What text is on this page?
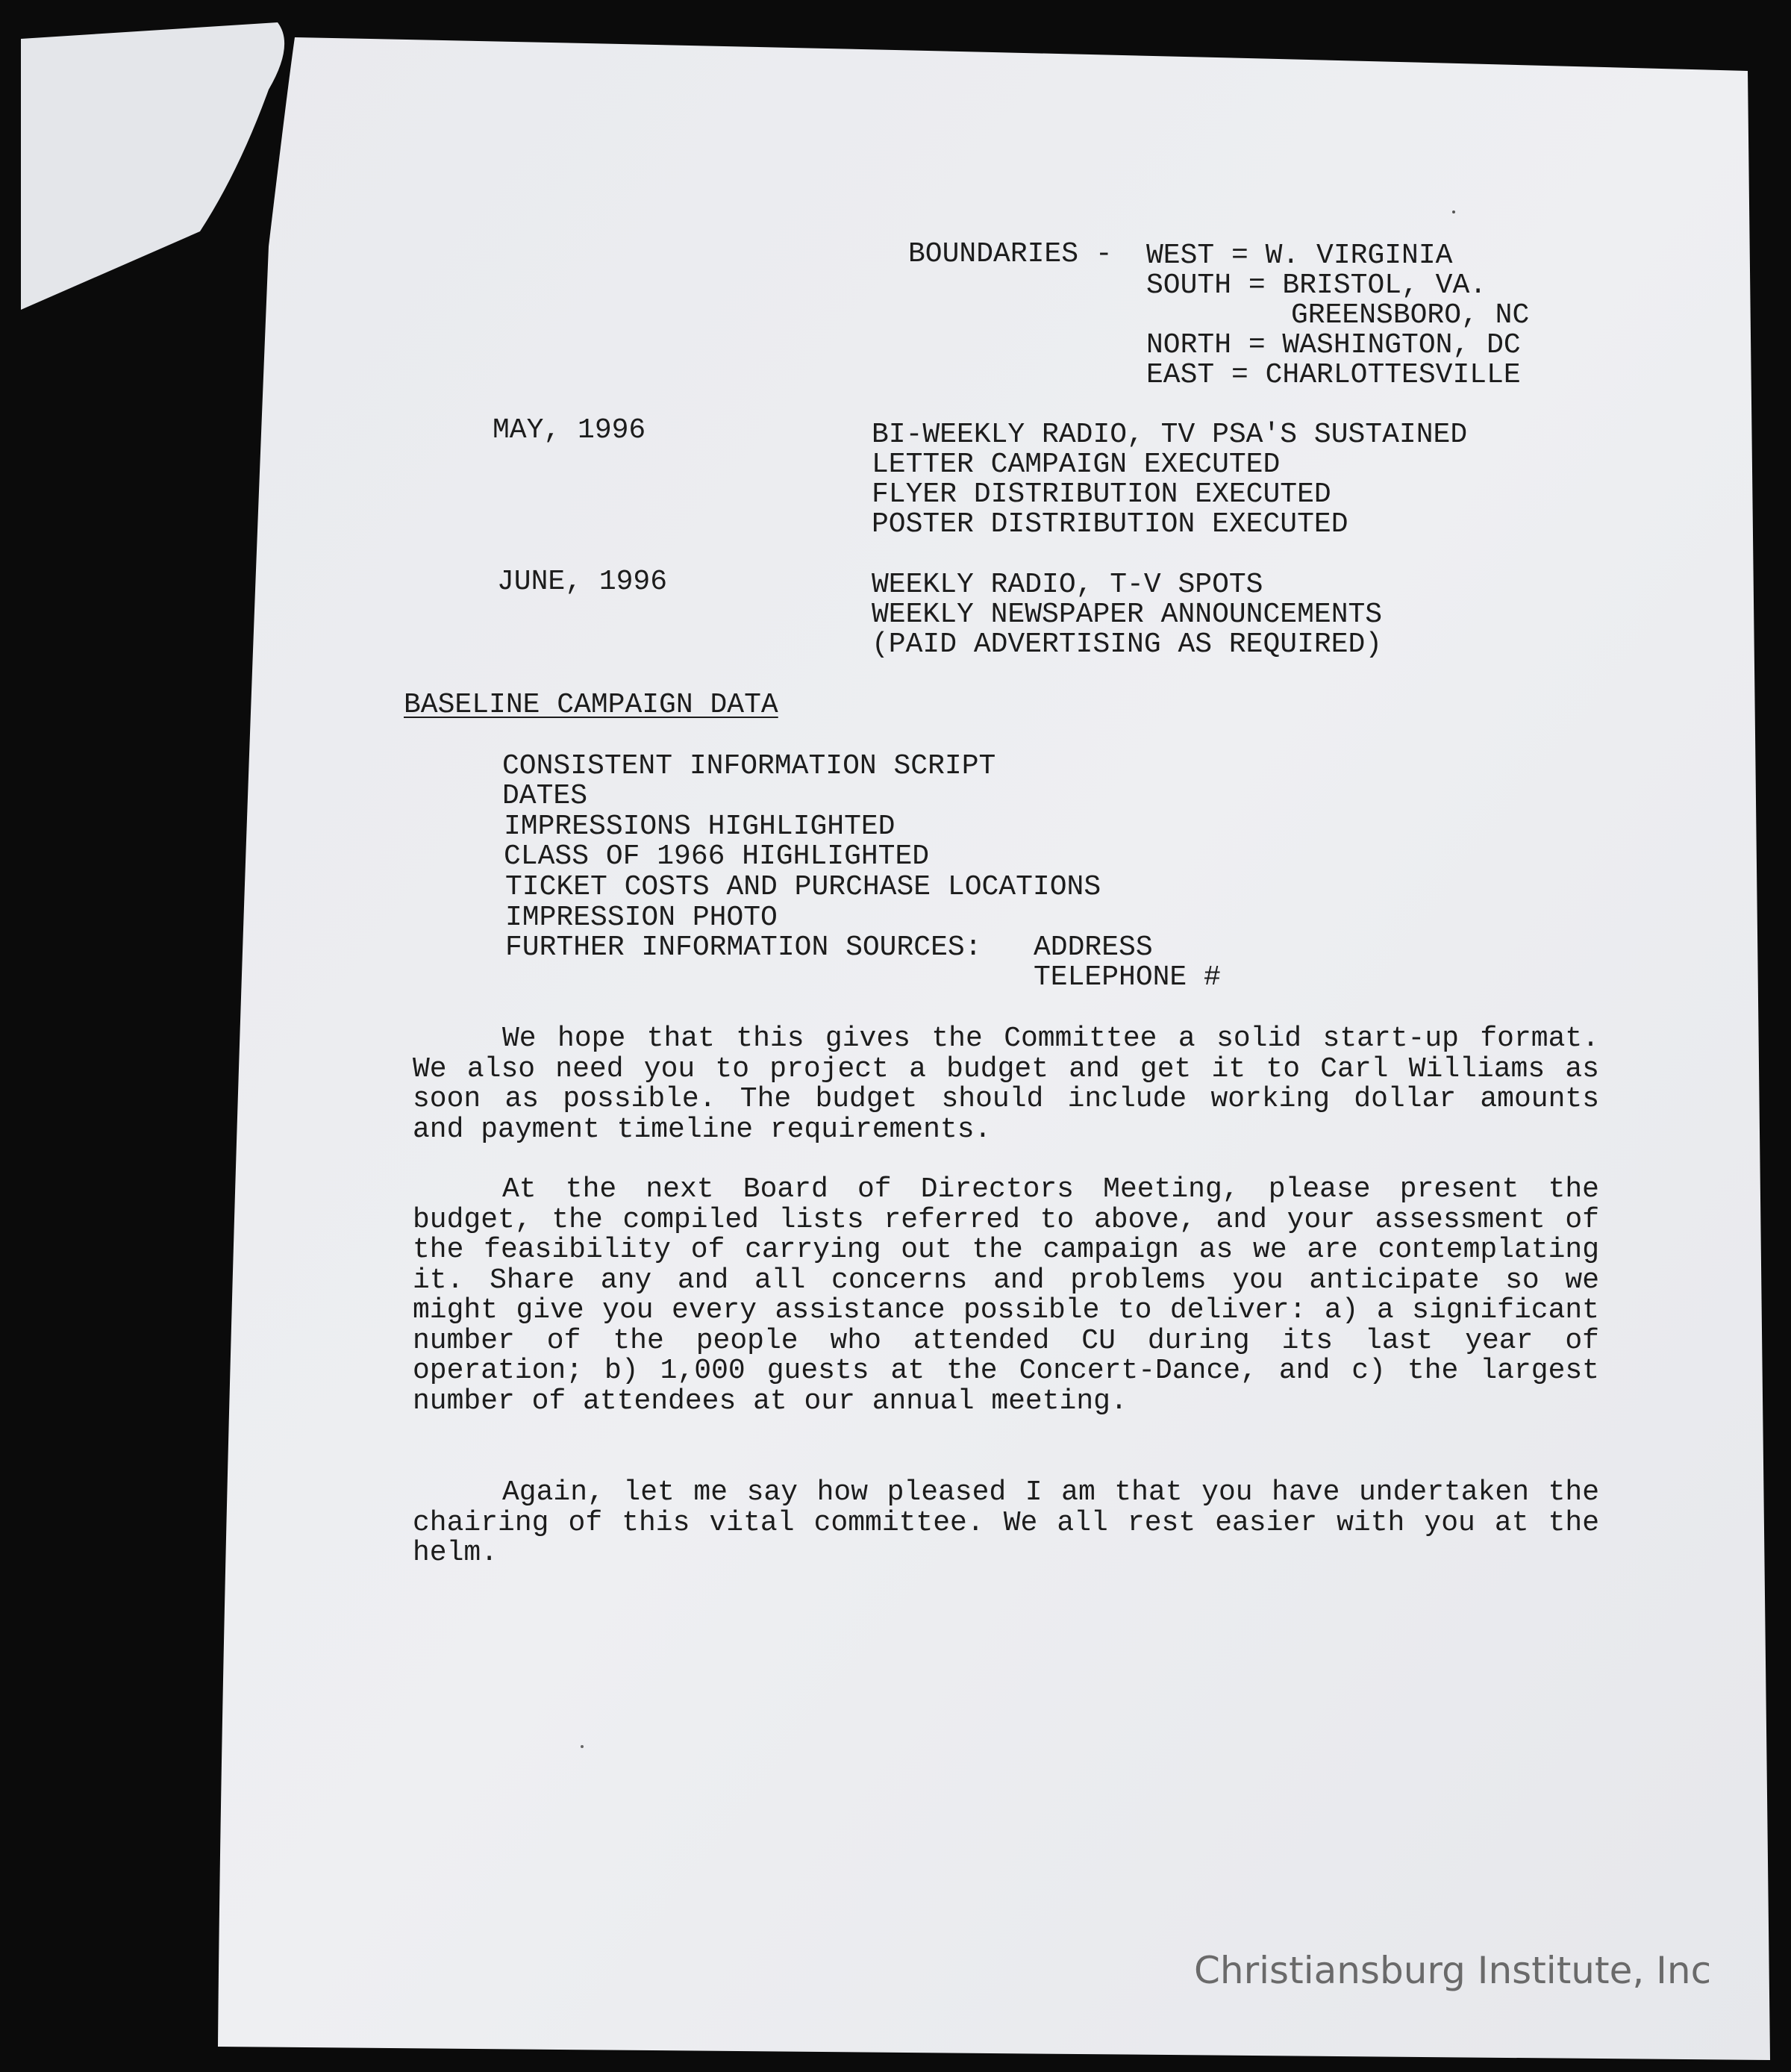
BOUNDARIES - WEST = W. VIRGINIA
SOUTH = BRISTOL, VA.
GREENSBORO, NC
NORTH = WASHINGTON, DC
EAST = CHARLOTTESVILLE
MAY, 1996	BI-WEEKLY RADIO, TV PSA'S SUSTAINED
LETTER CAMPAIGN EXECUTED
FLYER DISTRIBUTION EXECUTED
POSTER DISTRIBUTION EXECUTED
JUNE, 1996	WEEKLY RADIO, T-V SPOTS
WEEKLY NEWSPAPER ANNOUNCEMENTS
(PAID ADVERTISING AS REQUIRED)
BASELINE CAMPAIGN DATA
CONSISTENT INFORMATION SCRIPT
DATES
IMPRESSIONS HIGHLIGHTED
CLASS OF 1966 HIGHLIGHTED
TICKET COSTS AND PURCHASE LOCATIONS
IMPRESSION PHOTO
FURTHER INFORMATION SOURCES: ADDRESS
TELEPHONE #

We hope that this gives the Committee a solid start-up format. We also need you to project a budget and get it to Carl Williams as soon as possible. The budget should include working dollar amounts and payment timeline requirements.

At the next Board of Directors Meeting, please present the budget, the compiled lists referred to above, and your assessment of the feasibility of carrying out the campaign as we are contemplating it. Share any and all concerns and problems you anticipate so we might give you every assistance possible to deliver: a) a significant number of the people who attended CU during its last year of operation; b) 1,000 guests at the Concert-Dance, and c) the largest number of attendees at our annual meeting.

Again, let me say how pleased I am that you have undertaken the chairing of this vital committee. We all rest easier with you at the helm.

Christiansburg Institute, Inc
